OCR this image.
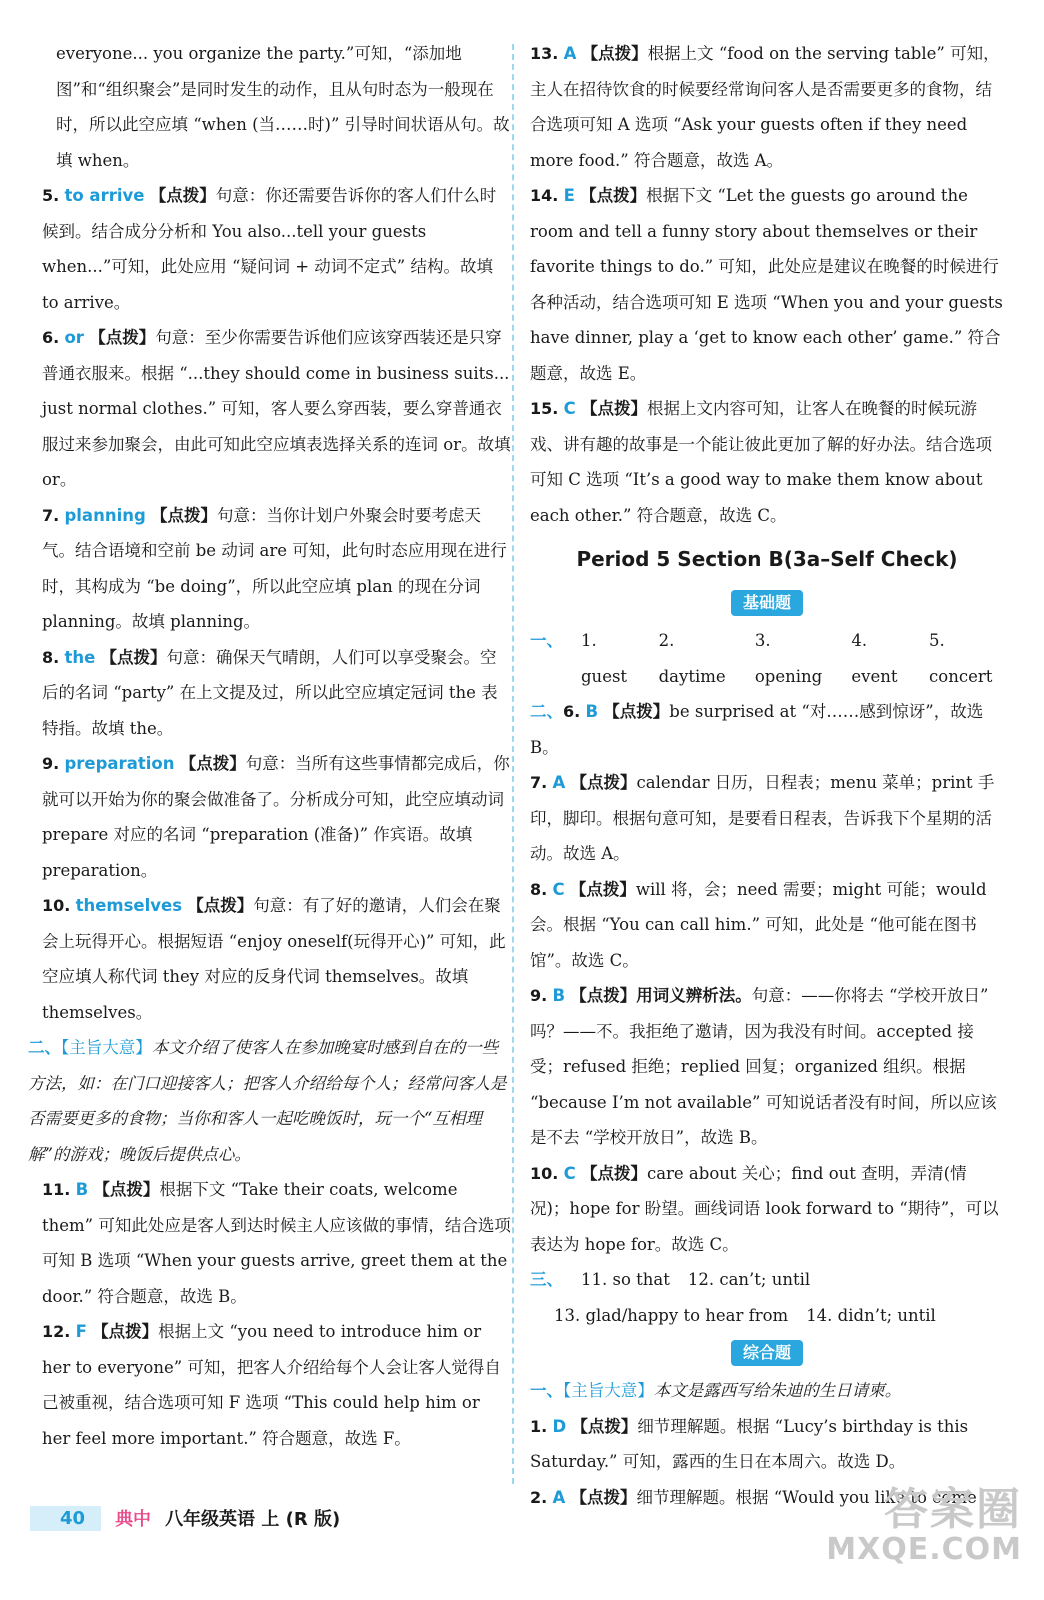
everyone... you organize the party.”可知，“添加地图”和“组织聚会”是同时发生的动作，且从句时态为一般现在时，所以此空应填 “when (当……时)” 引导时间状语从句。故填 when。
5. to arrive 【点拨】句意：你还需要告诉你的客人们什么时候到。结合成分分析和 You also...tell your guests when...”可知，此处应用 “疑问词 + 动词不定式” 结构。故填 to arrive。
6. or 【点拨】句意：至少你需要告诉他们应该穿西装还是只穿普通衣服来。根据 “...they should come in business suits... just normal clothes.” 可知，客人要么穿西装，要么穿普通衣服过来参加聚会，由此可知此空应填表选择关系的连词 or。故填 or。
7. planning 【点拨】句意：当你计划户外聚会时要考虑天气。结合语境和空前 be 动词 are 可知，此句时态应用现在进行时，其构成为 “be doing”，所以此空应填 plan 的现在分词 planning。故填 planning。
8. the 【点拨】句意：确保天气晴朗，人们可以享受聚会。空后的名词 “party” 在上文提及过，所以此空应填定冠词 the 表特指。故填 the。
9. preparation 【点拨】句意：当所有这些事情都完成后，你就可以开始为你的聚会做准备了。分析成分可知，此空应填动词 prepare 对应的名词 “preparation (准备)” 作宾语。故填 preparation。
10. themselves 【点拨】句意：有了好的邀请，人们会在聚会上玩得开心。根据短语 “enjoy oneself(玩得开心)” 可知，此空应填人称代词 they 对应的反身代词 themselves。故填 themselves。
二、【主旨大意】本文介绍了使客人在参加晚宴时感到自在的一些方法，如：在门口迎接客人；把客人介绍给每个人；经常问客人是否需要更多的食物；当你和客人一起吃晚饭时，玩一个“互相理解”的游戏；晚饭后提供点心。
11. B 【点拨】根据下文 “Take their coats, welcome them” 可知此处应是客人到达时候主人应该做的事情，结合选项可知 B 选项 “When your guests arrive, greet them at the door.” 符合题意，故选 B。
12. F 【点拨】根据上文 “you need to introduce him or her to everyone” 可知，把客人介绍给每个人会让客人觉得自己被重视，结合选项可知 F 选项 “This could help him or her feel more important.” 符合题意，故选 F。
13. A 【点拨】根据上文 “food on the serving table” 可知，主人在招待饮食的时候要经常询问客人是否需要更多的食物，结合选项可知 A 选项 “Ask your guests often if they need more food.” 符合题意，故选 A。
14. E 【点拨】根据下文 “Let the guests go around the room and tell a funny story about themselves or their favorite things to do.” 可知，此处应是建议在晚餐的时候进行各种活动，结合选项可知 E 选项 “When you and your guests have dinner, play a ‘get to know each other’ game.” 符合题意，故选 E。
15. C 【点拨】根据上文内容可知，让客人在晚餐的时候玩游戏、讲有趣的故事是一个能让彼此更加了解的好办法。结合选项可知 C 选项 “It’s a good way to make them know about each other.” 符合题意，故选 C。
Period 5 Section B(3a–Self Check)
基础题
一、 1. guest
2. daytime
3. opening
4. event
5. concert
二、6. B 【点拨】be surprised at “对……感到惊讶”，故选 B。
7. A 【点拨】calendar 日历，日程表；menu 菜单；print 手印，脚印。根据句意可知，是要看日程表，告诉我下个星期的活动。故选 A。
8. C 【点拨】will 将，会；need 需要；might 可能；would 会。根据 “You can call him.” 可知，此处是 “他可能在图书馆”。故选 C。
9. B 【点拨】用词义辨析法。句意：——你将去 “学校开放日” 吗？——不。我拒绝了邀请，因为我没有时间。accepted 接受；refused 拒绝；replied 回复；organized 组织。根据 “because I’m not available” 可知说话者没有时间，所以应该是不去 “学校开放日”，故选 B。
10. C 【点拨】care about 关心；find out 查明，弄清(情况)；hope for 盼望。画线词语 look forward to “期待”，可以表达为 hope for。故选 C。
三、 11. so that 12. can’t; until
13. glad/happy to hear from 14. didn’t; until
综合题
一、【主旨大意】本文是露西写给朱迪的生日请柬。
1. D 【点拨】细节理解题。根据 “Lucy’s birthday is this Saturday.” 可知，露西的生日在本周六。故选 D。
2. A 【点拨】细节理解题。根据 “Would you like to come
40	典中 八年级英语 上 (R 版)	答案圈
MXQE.COM
